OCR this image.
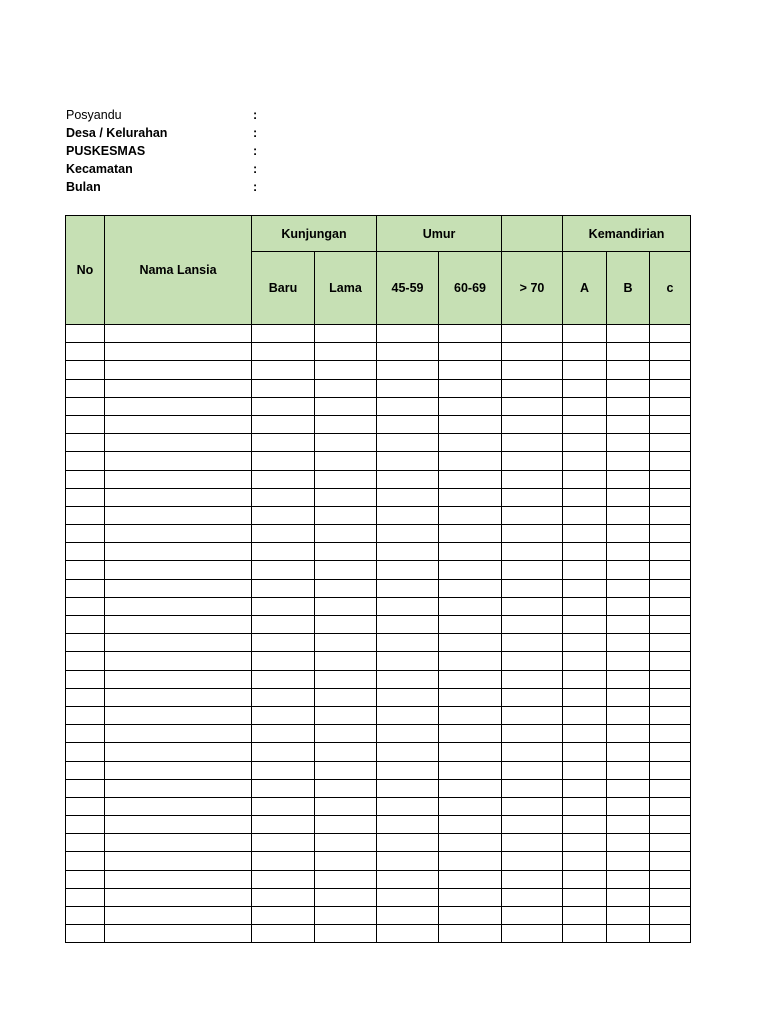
Posyandu	:
Desa / Kelurahan	:
PUSKESMAS	:
Kecamatan	:
Bulan	:
No	Nama Lansia	Kunjungan		Umur			Kemandirian		
		Baru	Lama	45-59	60-69	> 70	A	B	c
